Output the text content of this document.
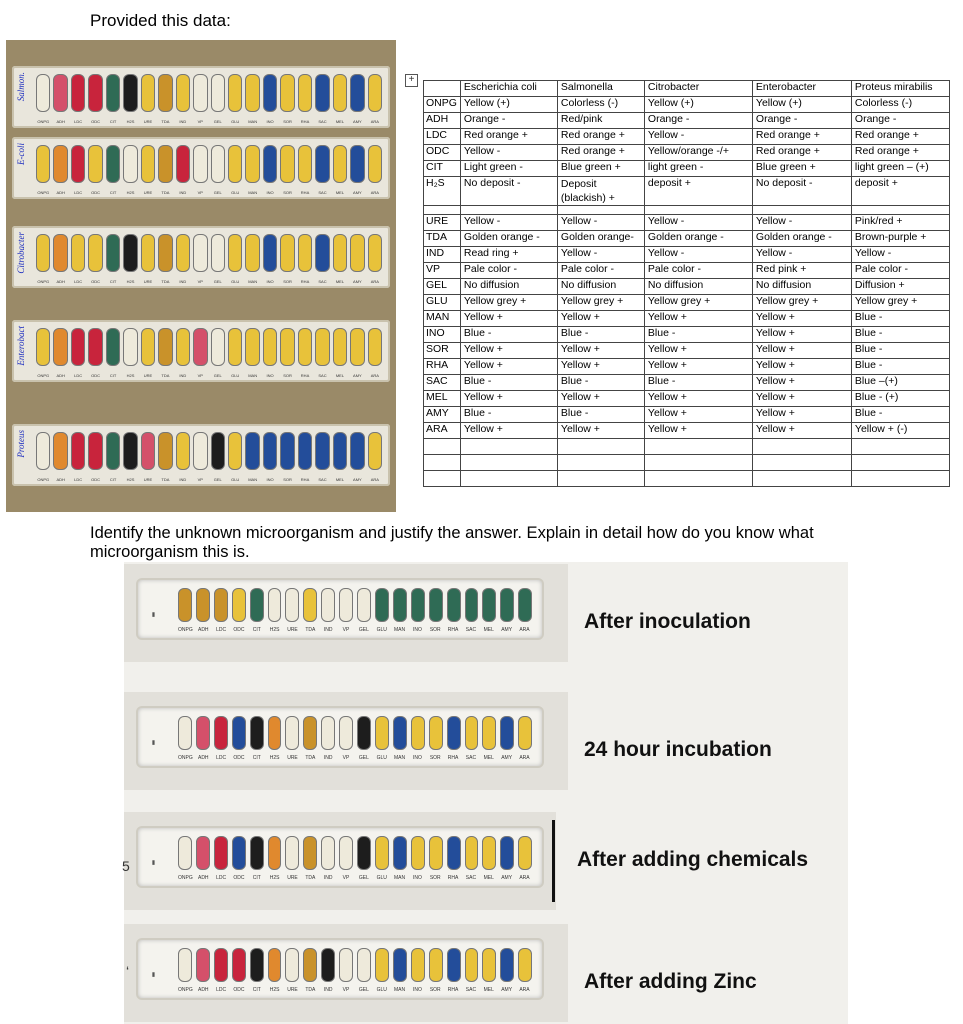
Provided this data:
Salmon.
ONPG	ADH	LDC	ODC	CIT	H2S	URE	TDA	IND	VP	GEL	GLU	MAN	INO	SOR	RHA	SAC	MEL	AMY	ARA
E-coli
ONPG	ADH	LDC	ODC	CIT	H2S	URE	TDA	IND	VP	GEL	GLU	MAN	INO	SOR	RHA	SAC	MEL	AMY	ARA
Citrobacter
ONPG	ADH	LDC	ODC	CIT	H2S	URE	TDA	IND	VP	GEL	GLU	MAN	INO	SOR	RHA	SAC	MEL	AMY	ARA
Enterobact
ONPG	ADH	LDC	ODC	CIT	H2S	URE	TDA	IND	VP	GEL	GLU	MAN	INO	SOR	RHA	SAC	MEL	AMY	ARA
Proteus
ONPG	ADH	LDC	ODC	CIT	H2S	URE	TDA	IND	VP	GEL	GLU	MAN	INO	SOR	RHA	SAC	MEL	AMY	ARA
+
	Escherichia coli	Salmonella	Citrobacter	Enterobacter	Proteus mirabilis
ONPG	Yellow (+)	Colorless (-)	Yellow (+)	Yellow (+)	Colorless (-)
ADH	Orange -	Red/pink	Orange -	Orange -	Orange -
LDC	Red orange +	Red orange +	Yellow -	Red orange +	Red orange +
ODC	Yellow -	Red orange +	Yellow/orange -/+	Red orange +	Red orange +
CIT	Light green -	Blue green +	light green -	Blue green +	light green – (+)
H₂S	No deposit -	Deposit (blackish) +	deposit +	No deposit -	deposit +

URE	Yellow -	Yellow -	Yellow -	Yellow -	Pink/red +
TDA	Golden orange -	Golden orange-	Golden orange -	Golden orange -	Brown-purple +
IND	Read ring +	Yellow -	Yellow -	Yellow -	Yellow -
VP	Pale color -	Pale color -	Pale color -	Red pink +	Pale color -
GEL	No diffusion	No diffusion	No diffusion	No diffusion	Diffusion +
GLU	Yellow grey +	Yellow grey +	Yellow grey +	Yellow grey +	Yellow grey +
MAN	Yellow +	Yellow +	Yellow +	Yellow +	Blue -
INO	Blue -	Blue -	Blue -	Yellow +	Blue -
SOR	Yellow +	Yellow +	Yellow +	Yellow +	Blue -
RHA	Yellow +	Yellow +	Yellow +	Yellow +	Blue -
SAC	Blue -	Blue -	Blue -	Yellow +	Blue –(+)
MEL	Yellow +	Yellow +	Yellow +	Yellow +	Blue - (+)
AMY	Blue -	Blue -	Yellow +	Yellow +	Blue -
ARA	Yellow +	Yellow +	Yellow +	Yellow +	Yellow + (-)

Identify the unknown microorganism and justify the answer. Explain in detail how do you know what microorganism this is.
▮
ONPG	ADH	LDC	ODC	CIT	H2S	URE	TDA	IND	VP	GEL	GLU	MAN	INO	SOR	RHA	SAC	MEL	AMY	ARA	After inoculation
▮
ONPG	ADH	LDC	ODC	CIT	H2S	URE	TDA	IND	VP	GEL	GLU	MAN	INO	SOR	RHA	SAC	MEL	AMY	ARA	24 hour incubation
▮
ONPG	ADH	LDC	ODC	CIT	H2S	URE	TDA	IND	VP	GEL	GLU	MAN	INO	SOR	RHA	SAC	MEL	AMY	ARA
After adding chemicals
▮
ONPG	ADH	LDC	ODC	CIT	H2S	URE	TDA	IND	VP	GEL	GLU	MAN	INO	SOR	RHA	SAC	MEL	AMY	ARA	After adding Zinc
5
‘
